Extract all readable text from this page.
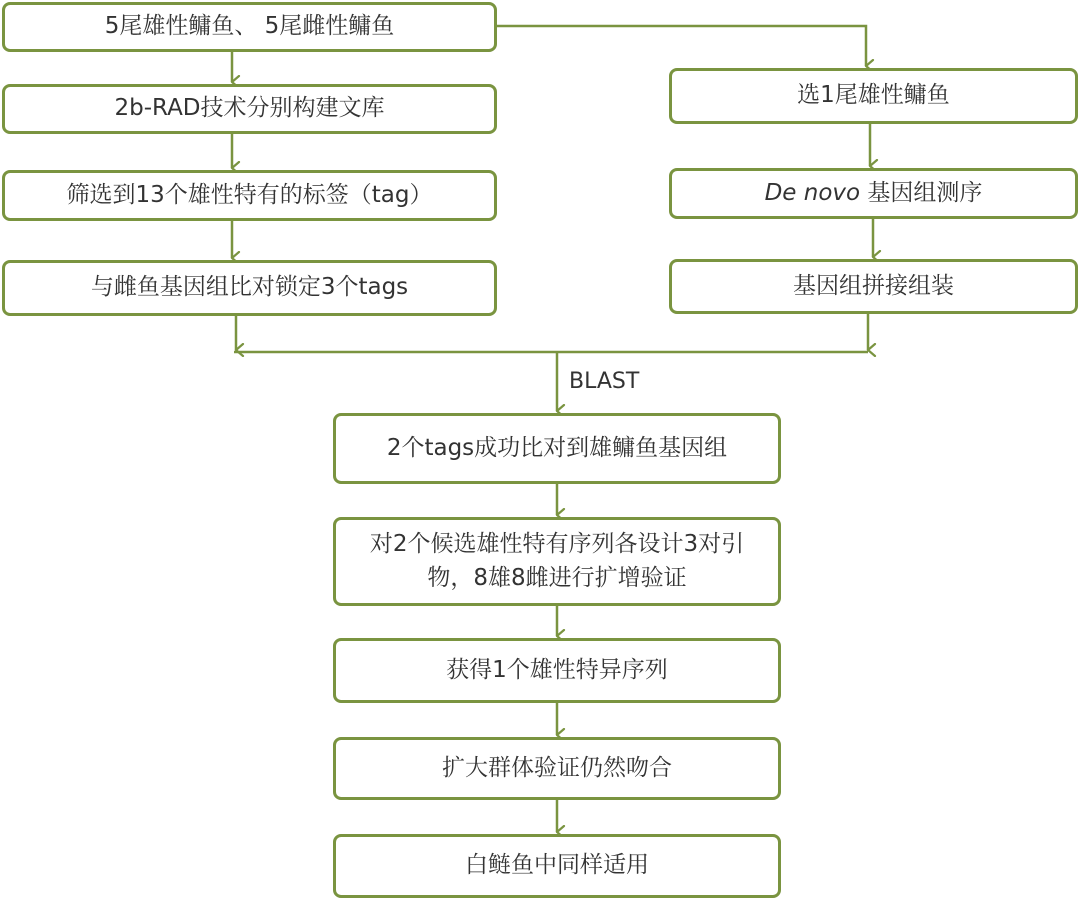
5尾雄性鳙鱼、 5尾雌性鳙鱼
2b-RAD技术分别构建文库
筛选到13个雄性特有的标签（tag）
与雌鱼基因组比对锁定3个tags
选1尾雄性鳙鱼
De novo 基因组测序
基因组拼接组装
BLAST
2个tags成功比对到雄鳙鱼基因组
对2个候选雄性特有序列各设计3对引
物，8雄8雌进行扩增验证
获得1个雄性特异序列
扩大群体验证仍然吻合
白鲢鱼中同样适用
